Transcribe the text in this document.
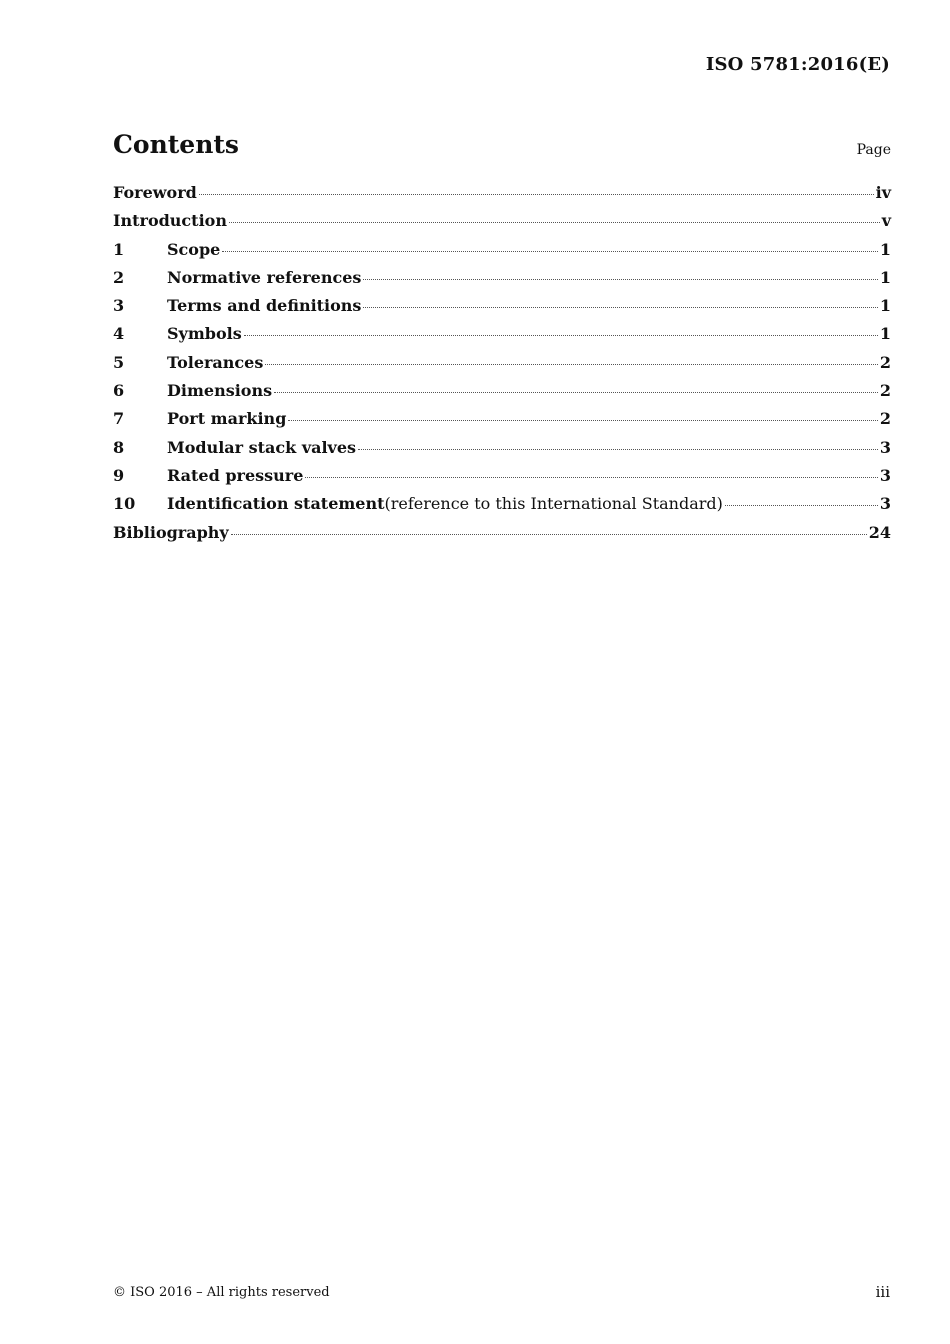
ISO 5781:2016(E)
Contents	Page
Foreword	iv
Introduction	v
1	Scope	1
2	Normative references	1
3	Terms and definitions	1
4	Symbols	1
5	Tolerances	2
6	Dimensions	2
7	Port marking	2
8	Modular stack valves	3
9	Rated pressure	3
10	Identification statement (reference to this International Standard)	3
Bibliography	24
© ISO 2016 – All rights reserved	iii
